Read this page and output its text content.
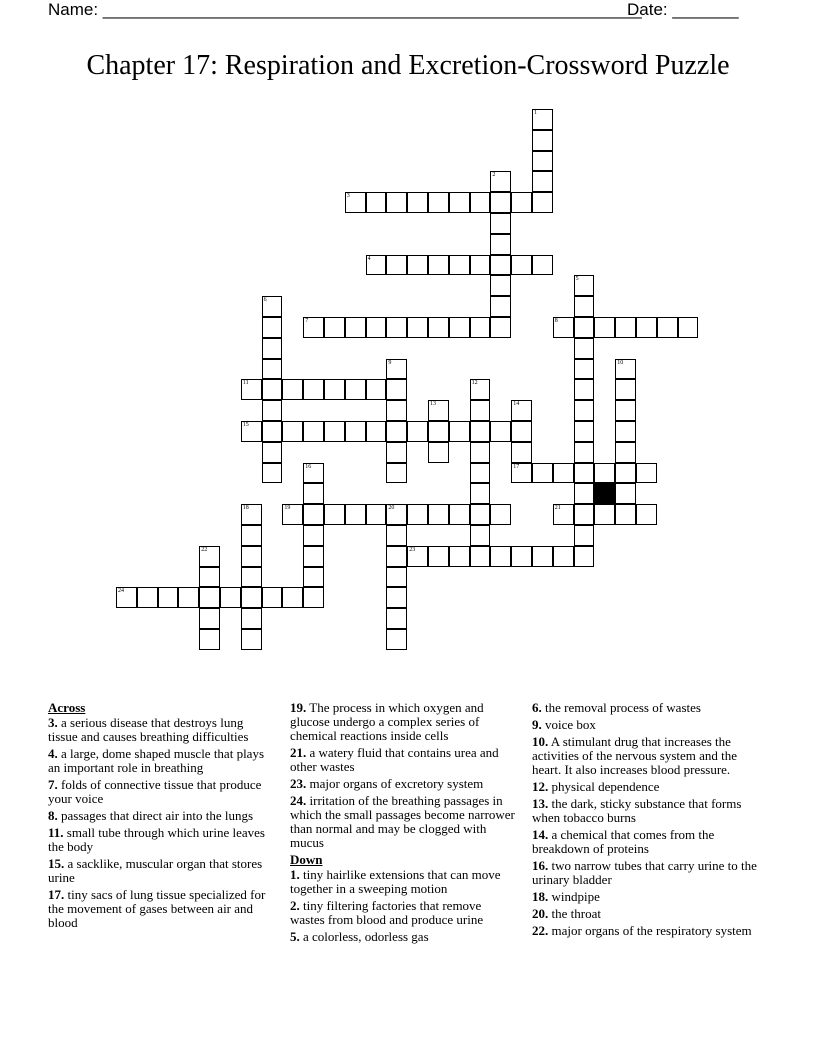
Name: _________________________________________________________
Date: _______
Chapter 17: Respiration and Excretion-Crossword Puzzle
1
2
3
4
5
6
7	8
9	10
11	12
13	14
15
16	17
18	19	20	21
22	23
24
Across
3. a serious disease that destroys lung tissue and causes breathing difficulties
4. a large, dome shaped muscle that plays an important role in breathing
7. folds of connective tissue that produce your voice
8. passages that direct air into the lungs
11. small tube through which urine leaves the body
15. a sacklike, muscular organ that stores urine
17. tiny sacs of lung tissue specialized for the movement of gases between air and blood
19. The process in which oxygen and glucose undergo a complex series of chemical reactions inside cells
21. a watery fluid that contains urea and other wastes
23. major organs of excretory system
24. irritation of the breathing passages in which the small passages become narrower than normal and may be clogged with mucus
Down
1. tiny hairlike extensions that can move together in a sweeping motion
2. tiny filtering factories that remove wastes from blood and produce urine
5. a colorless, odorless gas
6. the removal process of wastes
9. voice box
10. A stimulant drug that increases the activities of the nervous system and the heart. It also increases blood pressure.
12. physical dependence
13. the dark, sticky substance that forms when tobacco burns
14. a chemical that comes from the breakdown of proteins
16. two narrow tubes that carry urine to the urinary bladder
18. windpipe
20. the throat
22. major organs of the respiratory system
